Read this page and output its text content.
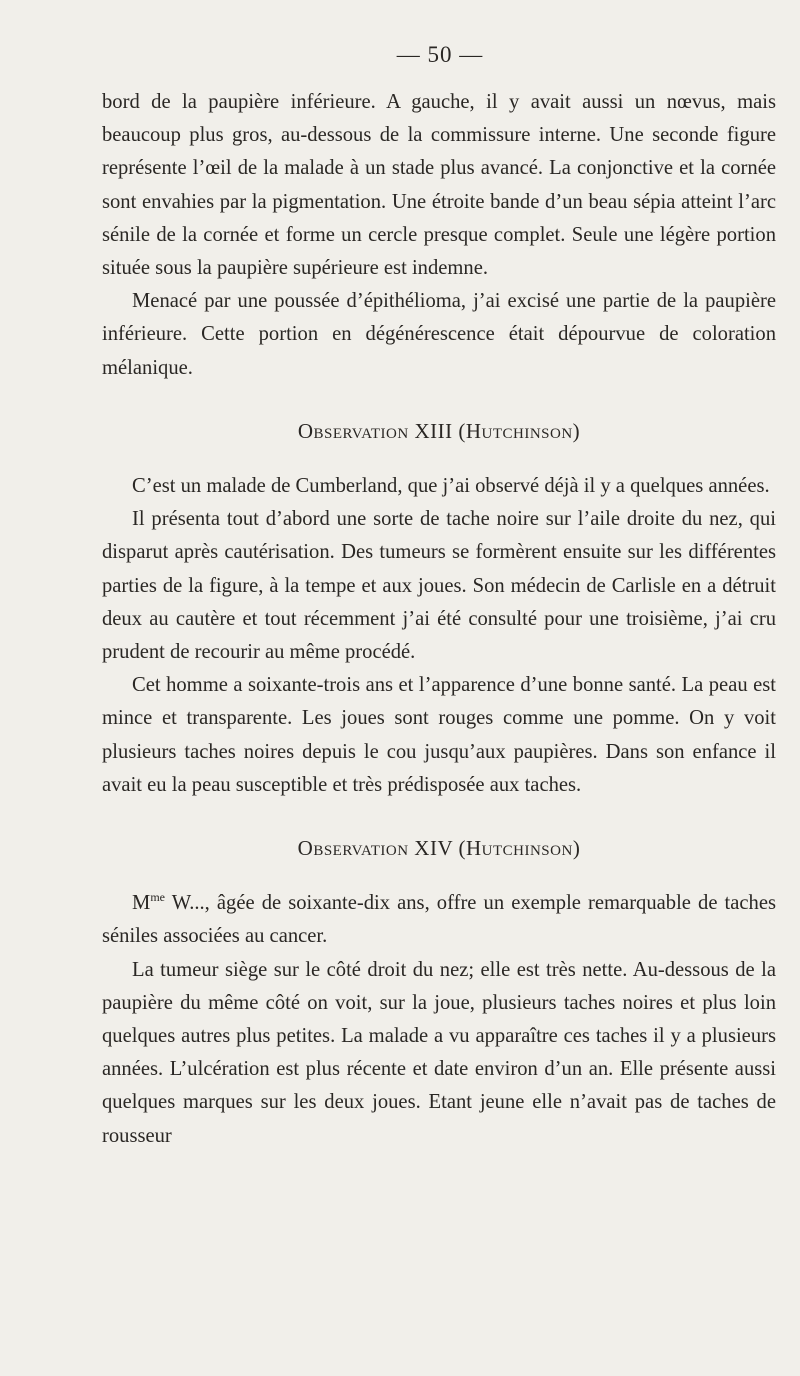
— 50 —

bord de la paupière inférieure. A gauche, il y avait aussi un nœvus, mais beaucoup plus gros, au-dessous de la commissure interne. Une seconde figure représente l’œil de la malade à un stade plus avancé. La conjonctive et la cornée sont envahies par la pigmentation. Une étroite bande d’un beau sépia atteint l’arc sénile de la cornée et forme un cercle presque complet. Seule une légère portion située sous la paupière supérieure est indemne.

Menacé par une poussée d’épithélioma, j’ai excisé une partie de la paupière inférieure. Cette portion en dégénérescence était dépourvue de coloration mélanique.

Observation XIII (Hutchinson)

C’est un malade de Cumberland, que j’ai observé déjà il y a quelques années.

Il présenta tout d’abord une sorte de tache noire sur l’aile droite du nez, qui disparut après cautérisation. Des tumeurs se formèrent ensuite sur les différentes parties de la figure, à la tempe et aux joues. Son médecin de Carlisle en a détruit deux au cautère et tout récemment j’ai été consulté pour une troisième, j’ai cru prudent de recourir au même procédé.

Cet homme a soixante-trois ans et l’apparence d’une bonne santé. La peau est mince et transparente. Les joues sont rouges comme une pomme. On y voit plusieurs taches noires depuis le cou jusqu’aux paupières. Dans son enfance il avait eu la peau susceptible et très prédisposée aux taches.

Observation XIV (Hutchinson)

$M^{me}$ W..., âgée de soixante-dix ans, offre un exemple remarquable de taches séniles associées au cancer.

La tumeur siège sur le côté droit du nez; elle est très nette. Au-dessous de la paupière du même côté on voit, sur la joue, plusieurs taches noires et plus loin quelques autres plus petites. La malade a vu apparaître ces taches il y a plusieurs années. L’ulcération est plus récente et date environ d’un an. Elle présente aussi quelques marques sur les deux joues. Etant jeune elle n’avait pas de taches de rousseur
